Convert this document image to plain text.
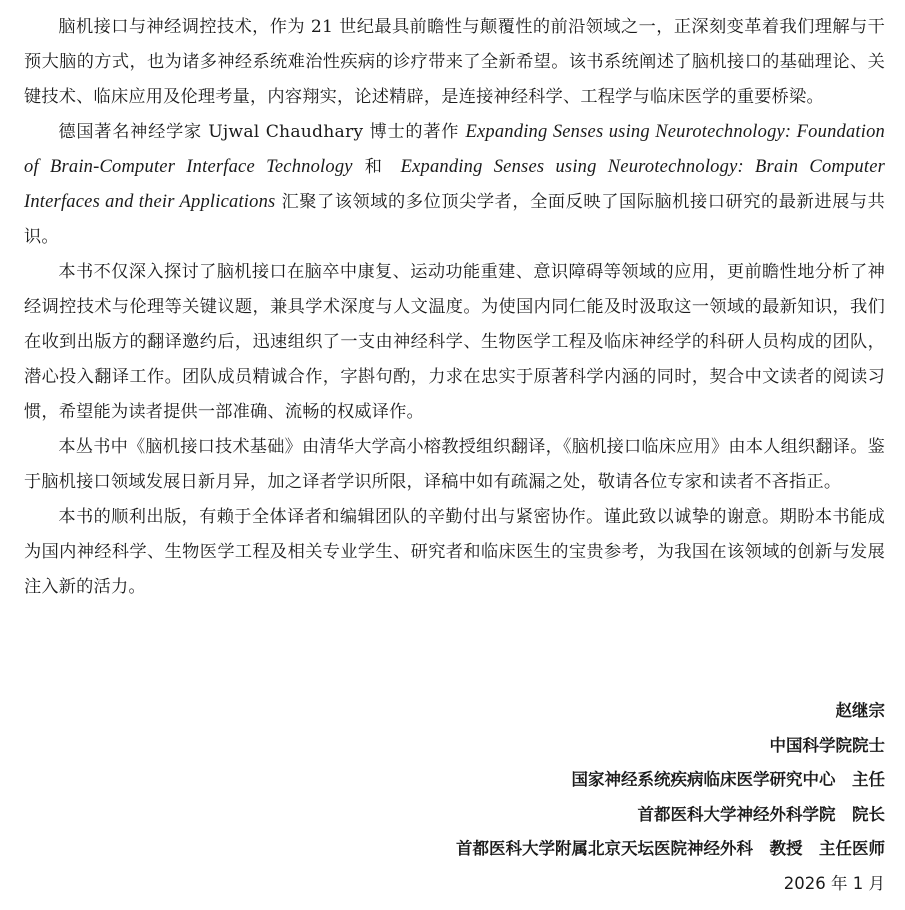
脑机接口与神经调控技术，作为 21 世纪最具前瞻性与颠覆性的前沿领域之一，正深刻变革着我们理解与干预大脑的方式，也为诸多神经系统难治性疾病的诊疗带来了全新希望。该书系统阐述了脑机接口的基础理论、关键技术、临床应用及伦理考量，内容翔实，论述精辟，是连接神经科学、工程学与临床医学的重要桥梁。

德国著名神经学家 Ujwal Chaudhary 博士的著作 Expanding Senses using Neurotechnology: Foundation of Brain-Computer Interface Technology 和 Expanding Senses using Neurotechnology: Brain Computer Interfaces and their Applications 汇聚了该领域的多位顶尖学者，全面反映了国际脑机接口研究的最新进展与共识。

本书不仅深入探讨了脑机接口在脑卒中康复、运动功能重建、意识障碍等领域的应用，更前瞻性地分析了神经调控技术与伦理等关键议题，兼具学术深度与人文温度。为使国内同仁能及时汲取这一领域的最新知识，我们在收到出版方的翻译邀约后，迅速组织了一支由神经科学、生物医学工程及临床神经学的科研人员构成的团队，潜心投入翻译工作。团队成员精诚合作，字斟句酌，力求在忠实于原著科学内涵的同时，契合中文读者的阅读习惯，希望能为读者提供一部准确、流畅的权威译作。

本丛书中《脑机接口技术基础》由清华大学高小榕教授组织翻译，《脑机接口临床应用》由本人组织翻译。鉴于脑机接口领域发展日新月异，加之译者学识所限，译稿中如有疏漏之处，敬请各位专家和读者不吝指正。

本书的顺利出版，有赖于全体译者和编辑团队的辛勤付出与紧密协作。谨此致以诚挚的谢意。期盼本书能成为国内神经科学、生物医学工程及相关专业学生、研究者和临床医生的宝贵参考，为我国在该领域的创新与发展注入新的活力。

赵继宗
中国科学院院士
国家神经系统疾病临床医学研究中心　主任
首都医科大学神经外科学院　院长
首都医科大学附属北京天坛医院神经外科　教授　主任医师
2026 年 1 月
